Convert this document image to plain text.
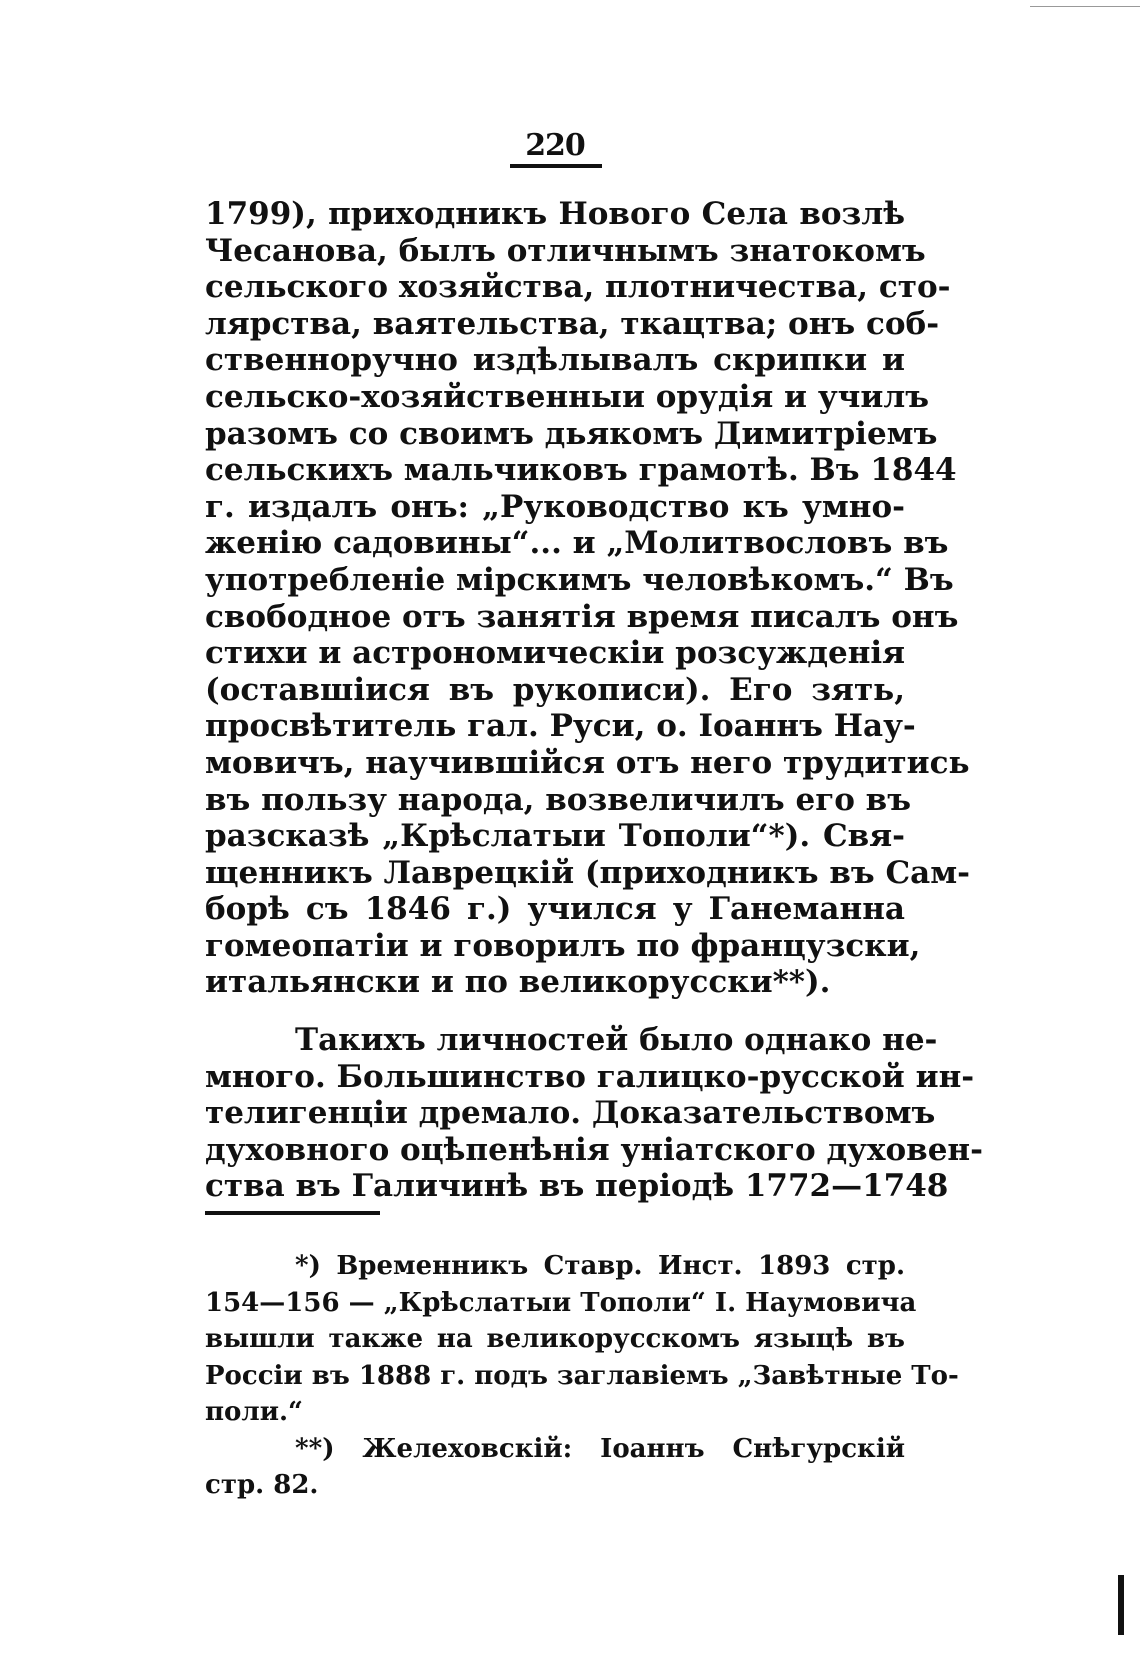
220
1799), приходникъ Нового Села возлѣ
Чесанова, былъ отличнымъ знатокомъ
сельского хозяйства, плотничества, сто-
лярства, ваятельства, ткацтва; онъ соб-
ственноручно издѣлывалъ скрипки и
сельско-хозяйственныи орудія и училъ
разомъ со своимъ дьякомъ Димитріемъ
сельскихъ мальчиковъ грамотѣ. Въ 1844
г. издалъ онъ: „Руководство къ умно-
женію садовины“... и „Молитвословъ въ
употребленіе мірскимъ человѣкомъ.“ Въ
свободное отъ занятія время писалъ онъ
стихи и астрономическіи розсужденія
(оставшіися въ рукописи). Его зять,
просвѣтитель гал. Руси, о. Іоаннъ Нау-
мовичъ, научившійся отъ него трудитись
въ пользу народа, возвеличилъ его въ
разсказѣ „Крѣслатыи Тополи“*). Свя-
щенникъ Лаврецкій (приходникъ въ Сам-
борѣ съ 1846 г.) учился у Ганеманна
гомеопатіи и говорилъ по французски,
итальянски и по великорусски**).
Такихъ личностей было однако не-
много. Большинство галицко-русской ин-
телигенціи дремало. Доказательствомъ
духовного оцѣпенѣнія уніатского духовен-
ства въ Галичинѣ въ періодѣ 1772—1748
*) Временникъ Ставр. Инст. 1893 стр.
154—156 — „Крѣслатыи Тополи“ І. Наумовича
вышли также на великорусскомъ языцѣ въ
Россіи въ 1888 г. подъ заглавіемъ „Завѣтные То-
поли.“
**) Желеховскій: Іоаннъ Снѣгурскій
стр. 82.
